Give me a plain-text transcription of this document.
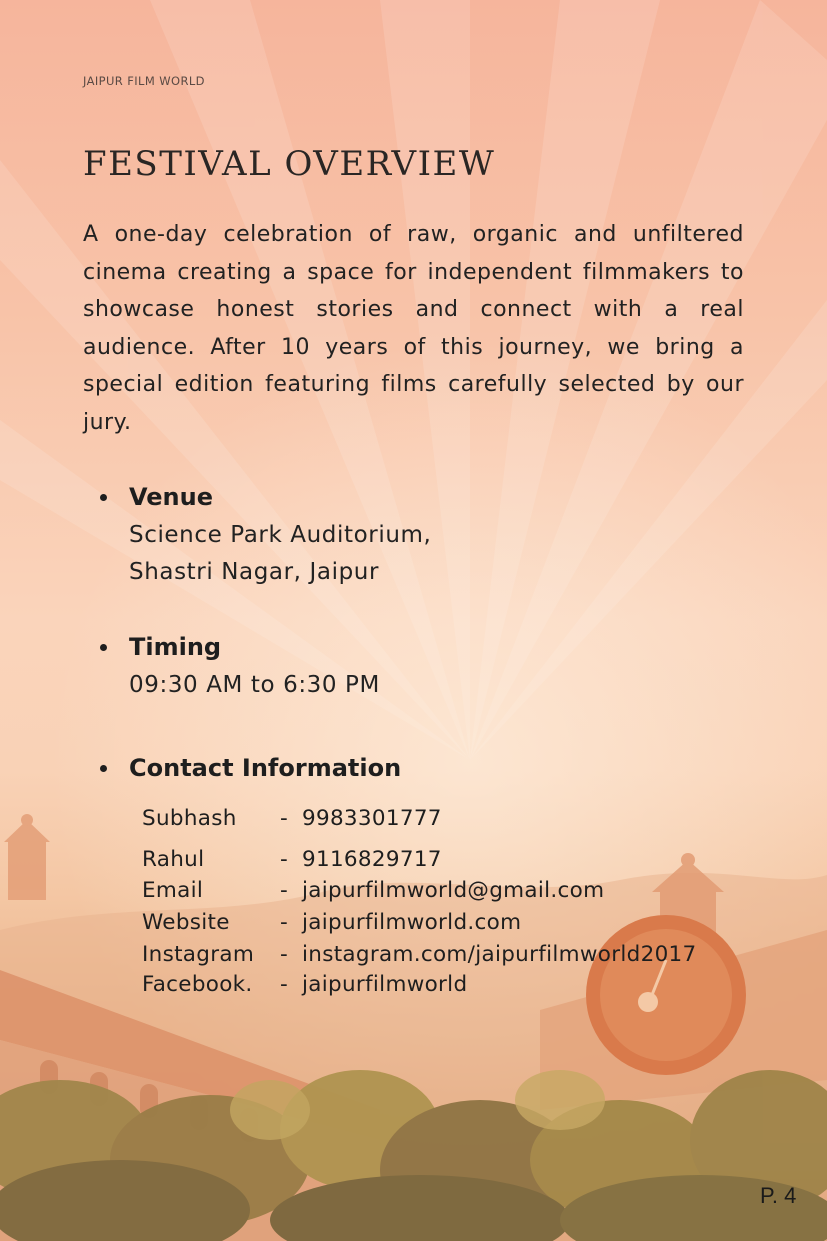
JAIPUR FILM WORLD
FESTIVAL OVERVIEW

A one-day celebration of raw, organic and unfiltered cinema creating a space for independent filmmakers to showcase honest stories and connect with a real audience. After 10 years of this journey, we bring a special edition featuring films carefully selected by our jury.

Venue
Science Park Auditorium,
Shastri Nagar, Jaipur
Timing
09:30 AM to 6:30 PM
Contact Information
Subhash - 9983301777
Rahul	- 9116829717
Email	- jaipurfilmworld@gmail.com
Website - jaipurfilmworld.com
Instagram - instagram.com/jaipurfilmworld2017
Facebook. - jaipurfilmworld
P. 4
